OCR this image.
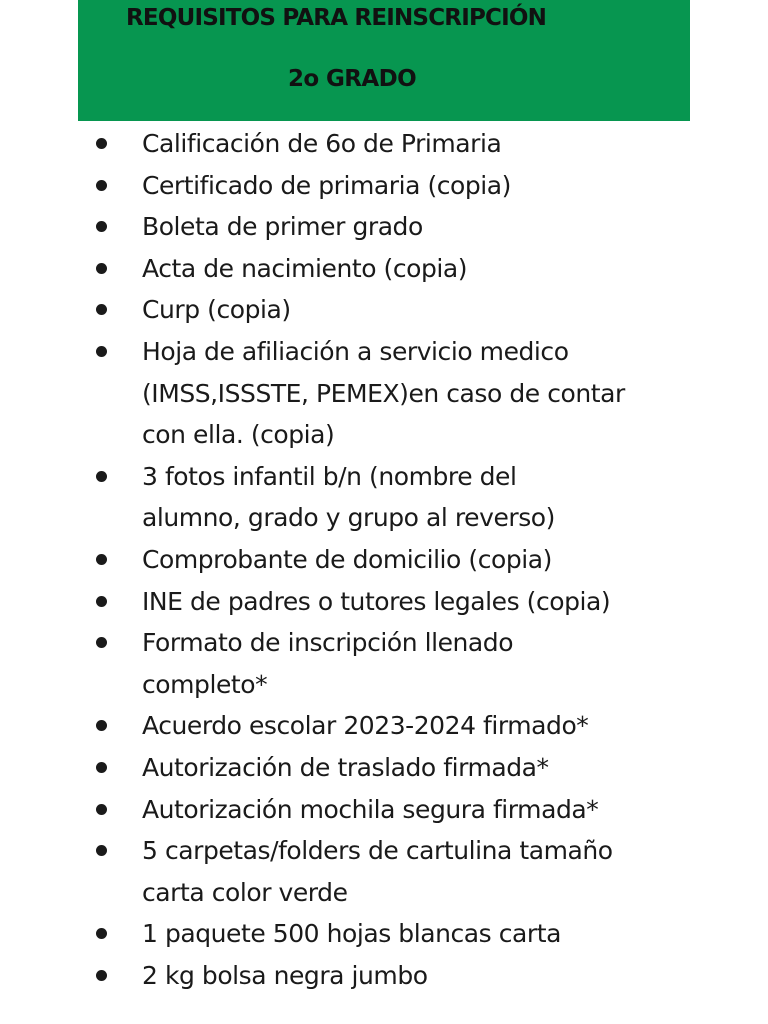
REQUISITOS PARA REINSCRIPCIÓN
2o GRADO
Calificación de 6o de Primaria
Certificado de primaria (copia)
Boleta de primer grado
Acta de nacimiento (copia)
Curp (copia)
Hoja de afiliación a servicio medico
(IMSS,ISSSTE, PEMEX)en caso de contar
con ella. (copia)
3 fotos infantil b/n (nombre del
alumno, grado y grupo al reverso)
Comprobante de domicilio (copia)
INE de padres o tutores legales (copia)
Formato de inscripción llenado
completo*
Acuerdo escolar 2023-2024 firmado*
Autorización de traslado firmada*
Autorización mochila segura firmada*
5 carpetas/folders de cartulina tamaño
carta color verde
1 paquete 500 hojas blancas carta
2 kg bolsa negra jumbo
